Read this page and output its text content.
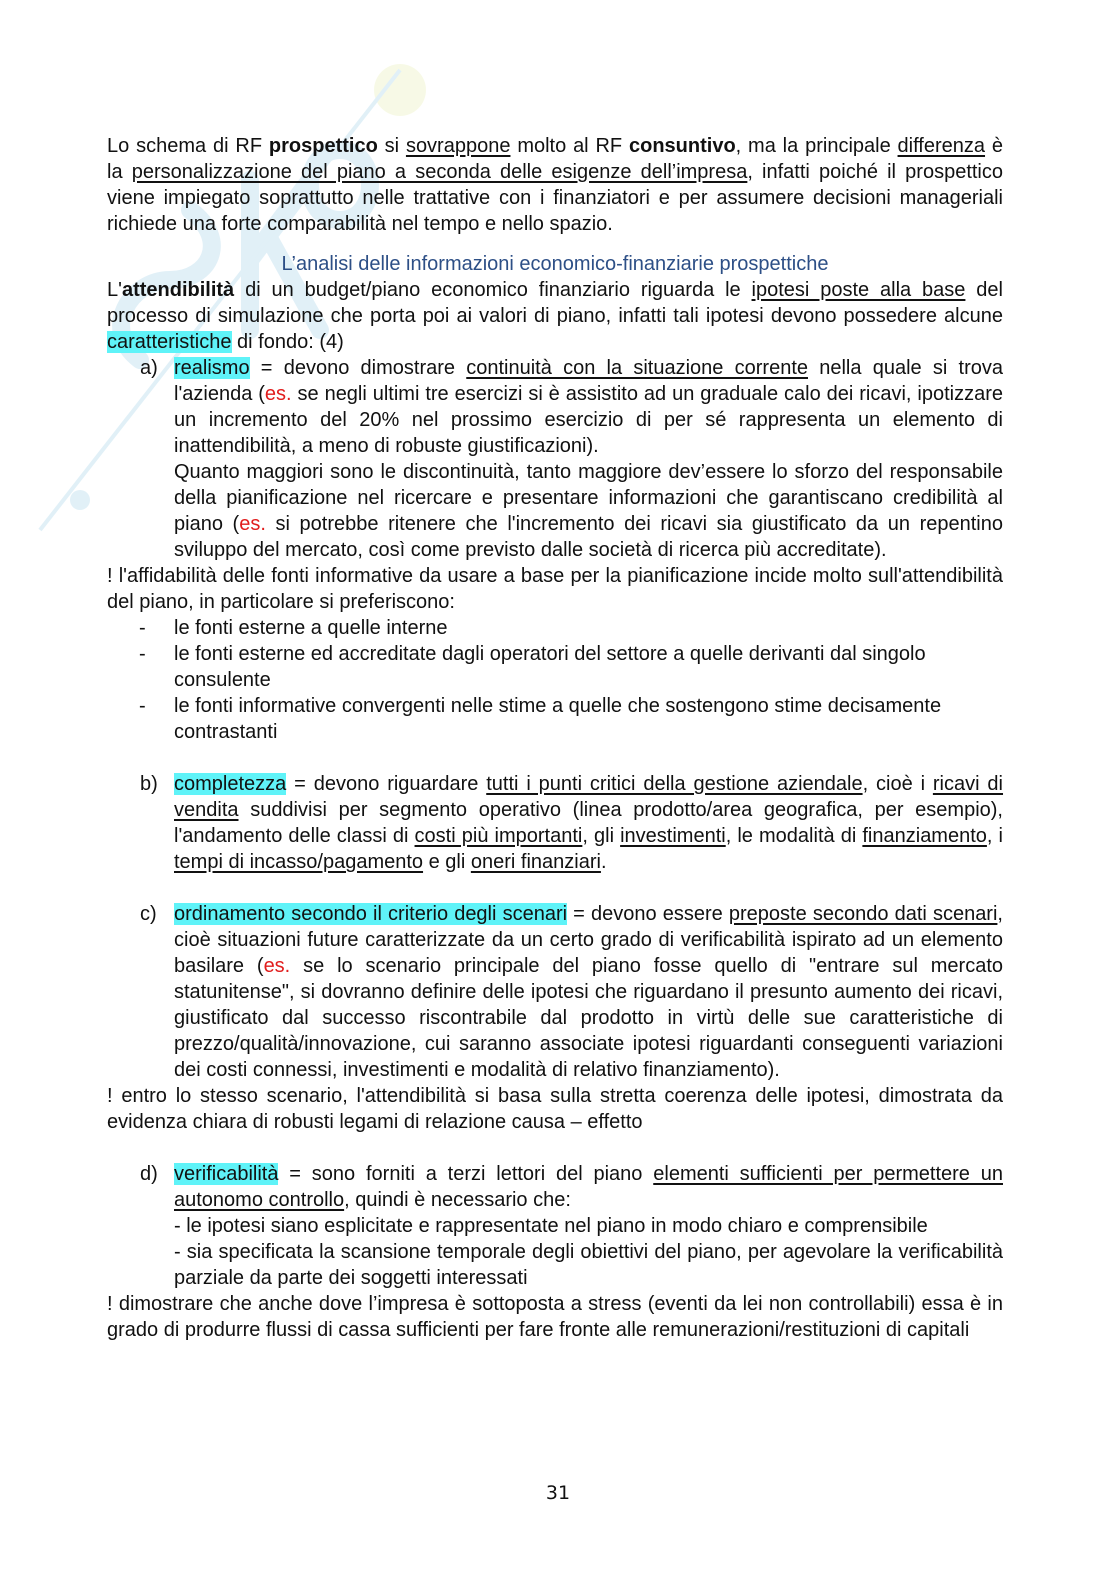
Lo schema di RF prospettico si sovrappone molto al RF consuntivo, ma la principale differenza è la personalizzazione del piano a seconda delle esigenze dell’impresa, infatti poiché il prospettico viene impiegato soprattutto nelle trattative con i finanziatori e per assumere decisioni manageriali richiede una forte comparabilità nel tempo e nello spazio.

L’analisi delle informazioni economico-finanziarie prospettiche

L'attendibilità di un budget/piano economico finanziario riguarda le ipotesi poste alla base del processo di simulazione che porta poi ai valori di piano, infatti tali ipotesi devono possedere alcune caratteristiche di fondo: (4)

a) realismo = devono dimostrare continuità con la situazione corrente nella quale si trova l'azienda (es. se negli ultimi tre esercizi si è assistito ad un graduale calo dei ricavi, ipotizzare un incremento del 20% nel prossimo esercizio di per sé rappresenta un elemento di inattendibilità, a meno di robuste giustificazioni).

Quanto maggiori sono le discontinuità, tanto maggiore dev’essere lo sforzo del responsabile della pianificazione nel ricercare e presentare informazioni che garantiscano credibilità al piano (es. si potrebbe ritenere che l'incremento dei ricavi sia giustificato da un repentino sviluppo del mercato, così come previsto dalle società di ricerca più accreditate).

! l'affidabilità delle fonti informative da usare a base per la pianificazione incide molto sull'attendibilità del piano, in particolare si preferiscono:

- le fonti esterne a quelle interne
- le fonti esterne ed accreditate dagli operatori del settore a quelle derivanti dal singolo consulente
- le fonti informative convergenti nelle stime a quelle che sostengono stime decisamente contrastanti
b) completezza = devono riguardare tutti i punti critici della gestione aziendale, cioè i ricavi di vendita suddivisi per segmento operativo (linea prodotto/area geografica, per esempio), l'andamento delle classi di costi più importanti, gli investimenti, le modalità di finanziamento, i tempi di incasso/pagamento e gli oneri finanziari.

c) ordinamento secondo il criterio degli scenari = devono essere preposte secondo dati scenari, cioè situazioni future caratterizzate da un certo grado di verificabilità ispirato ad un elemento basilare (es. se lo scenario principale del piano fosse quello di "entrare sul mercato statunitense", si dovranno definire delle ipotesi che riguardano il presunto aumento dei ricavi, giustificato dal successo riscontrabile dal prodotto in virtù delle sue caratteristiche di prezzo/qualità/innovazione, cui saranno associate ipotesi riguardanti conseguenti variazioni dei costi connessi, investimenti e modalità di relativo finanziamento).

! entro lo stesso scenario, l'attendibilità si basa sulla stretta coerenza delle ipotesi, dimostrata da evidenza chiara di robusti legami di relazione causa – effetto

d) verificabilità = sono forniti a terzi lettori del piano elementi sufficienti per permettere un autonomo controllo, quindi è necessario che:

- le ipotesi siano esplicitate e rappresentate nel piano in modo chiaro e comprensibile

- sia specificata la scansione temporale degli obiettivi del piano, per agevolare la verificabilità parziale da parte dei soggetti interessati

! dimostrare che anche dove l’impresa è sottoposta a stress (eventi da lei non controllabili) essa è in grado di produrre flussi di cassa sufficienti per fare fronte alle remunerazioni/restituzioni di capitali

31
